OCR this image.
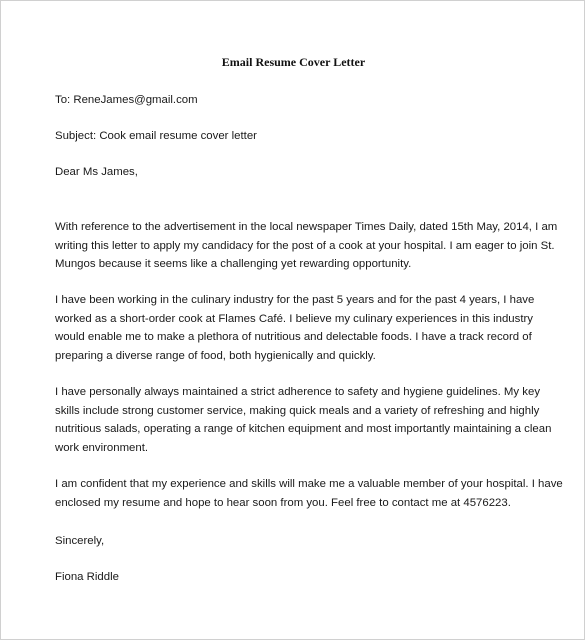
Email Resume Cover Letter
To: ReneJames@gmail.com
Subject: Cook email resume cover letter
Dear Ms James,
With reference to the advertisement in the local newspaper Times Daily, dated 15th May, 2014, I am
writing this letter to apply my candidacy for the post of a cook at your hospital. I am eager to join St.
Mungos because it seems like a challenging yet rewarding opportunity.
I have been working in the culinary industry for the past 5 years and for the past 4 years, I have
worked as a short-order cook at Flames Café. I believe my culinary experiences in this industry
would enable me to make a plethora of nutritious and delectable foods. I have a track record of
preparing a diverse range of food, both hygienically and quickly.
I have personally always maintained a strict adherence to safety and hygiene guidelines. My key
skills include strong customer service, making quick meals and a variety of refreshing and highly
nutritious salads, operating a range of kitchen equipment and most importantly maintaining a clean
work environment.
I am confident that my experience and skills will make me a valuable member of your hospital. I have
enclosed my resume and hope to hear soon from you. Feel free to contact me at 4576223.
Sincerely,
Fiona Riddle
